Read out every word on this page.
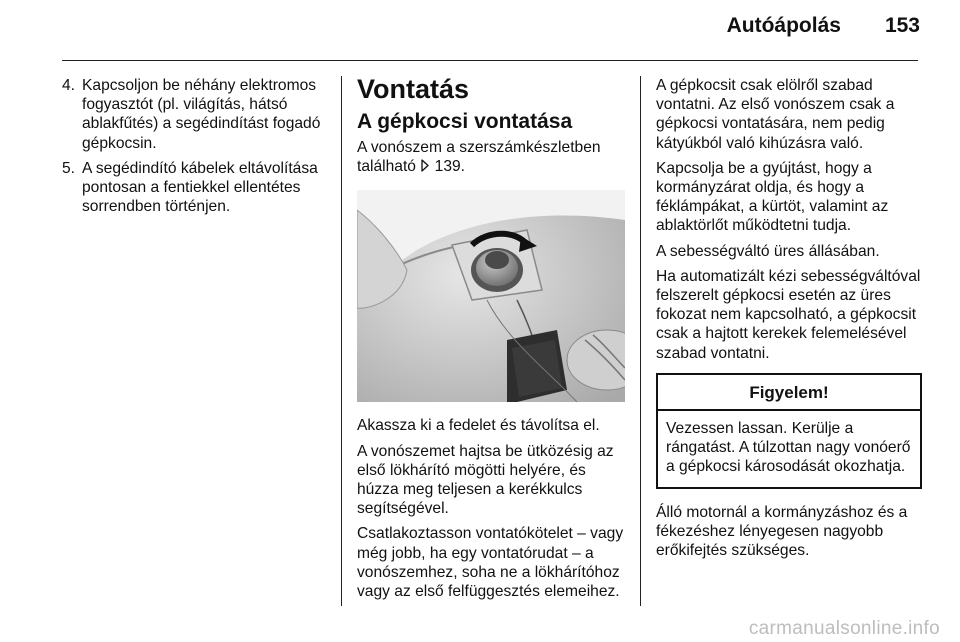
Autóápolás 153
4. Kapcsoljon be néhány elektromos fogyasztót (pl. világítás, hátsó ablakfűtés) a segédindítást fogadó gépkocsin.
5. A segédindító kábelek eltávolítása pontosan a fentiekkel ellentétes sorrendben történjen.
Vontatás
A gépkocsi vontatása

A vonószem a szerszámkészletben található 139.

Akassza ki a fedelet és távolítsa el.

A vonószemet hajtsa be ütközésig az első lökhárító mögötti helyére, és húzza meg teljesen a kerékkulcs segítségével.

Csatlakoztasson vontatókötelet – vagy még jobb, ha egy vontatórudat – a vonószemhez, soha ne a lökhárítóhoz vagy az első felfüggesztés elemeihez.

A gépkocsit csak elölről szabad vontatni. Az első vonószem csak a gépkocsi vontatására, nem pedig kátyúkból való kihúzásra való.

Kapcsolja be a gyújtást, hogy a kormányzárat oldja, és hogy a féklámpákat, a kürtöt, valamint az ablaktörlőt működtetni tudja.

A sebességváltó üres állásában.

Ha automatizált kézi sebességváltóval felszerelt gépkocsi esetén az üres fokozat nem kapcsolható, a gépkocsit csak a hajtott kerekek felemelésével szabad vontatni.

Figyelem!
Vezessen lassan. Kerülje a rángatást. A túlzottan nagy vonóerő a gépkocsi károsodását okozhatja.

Álló motornál a kormányzáshoz és a fékezéshez lényegesen nagyobb erőkifejtés szükséges.

carmanualsonline.info
